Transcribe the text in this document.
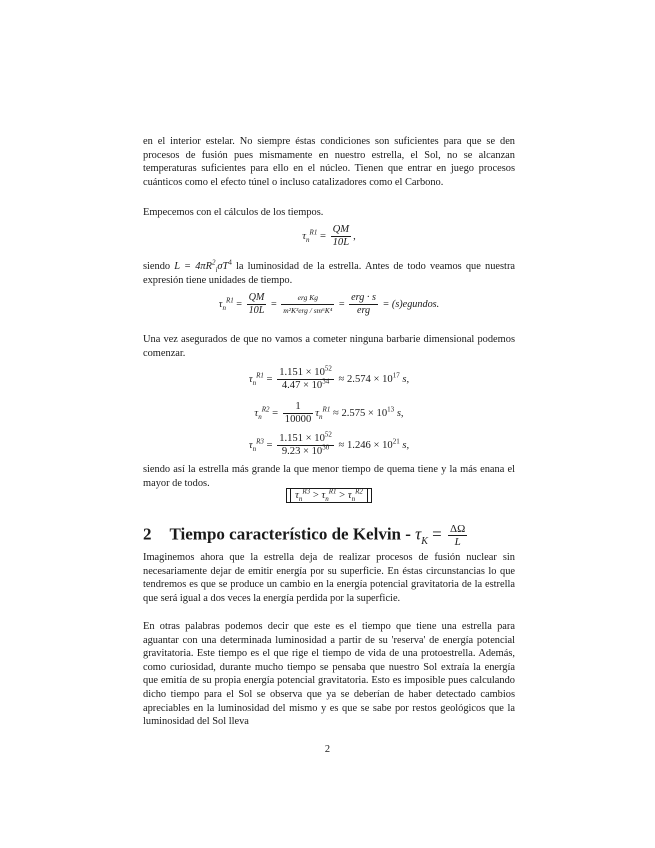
en el interior estelar. No siempre éstas condiciones son suficientes para que se den procesos de fusión pues mismamente en nuestro estrella, el Sol, no se alcanzan temperaturas suficientes para ello en el núcleo. Tienen que entrar en juego procesos cuánticos como el efecto túnel o incluso catalizadores como el Carbono.
Empecemos con el cálculos de los tiempos.
$\tau_n^{R1} = \frac{QM}{10L}$ ,
siendo $L = 4\pi R^2_i\sigma T^4$ la luminosidad de la estrella. Antes de todo veamos que nuestra expresión tiene unidades de tiempo.
$\tau_n^{R1} = \frac{QM}{10L} = \frac{\text{erg Kg}}{\text{m²K³erg / sm⁶K⁴}} = \frac{\text{erg · s}}{\text{erg}}$ = (s)egundos.
Una vez asegurados de que no vamos a cometer ninguna barbarie dimensional podemos comenzar.
$\tau_n^{R1} = \frac{1.151 \times 10^{52}}{4.47 \times 10^{34}} \approx 2.574 \times 10^{17}$ s,
$\tau_n^{R2} = \frac{1}{10000} \tau_n^{R1} \approx 2.575 \times 10^{13}$ s,
$\tau_n^{R3} = \frac{1.151 \times 10^{52}}{9.23 \times 10^{30}} \approx 1.246 \times 10^{21}$ s,
siendo así la estrella más grande la que menor tiempo de quema tiene y la más enana el mayor de todos.
$\tau_n^{R3} > \tau_n^{R1} > \tau_n^{R2}$
2 Tiempo característico de Kelvin - $\tau_K = \frac{\Delta\Omega}{L}$
Imaginemos ahora que la estrella deja de realizar procesos de fusión nuclear sin necesariamente dejar de emitir energía por su superficie. En éstas circunstancias lo que tendremos es que se produce un cambio en la energía potencial gravitatoria de la estrella que será igual a dos veces la energía perdida por la superficie.
En otras palabras podemos decir que este es el tiempo que tiene una estrella para aguantar con una determinada luminosidad a partir de su 'reserva' de energía potencial gravitatoria. Este tiempo es el que rige el tiempo de vida de una protoestrella. Además, como curiosidad, durante mucho tiempo se pensaba que nuestro Sol extraía la energía que emitía de su propia energía potencial gravitatoria. Esto es imposible pues calculando dicho tiempo para el Sol se observa que ya se deberían de haber detectado cambios apreciables en la luminosidad del mismo y es que se sabe por restos geológicos que la luminosidad del Sol lleva
2
